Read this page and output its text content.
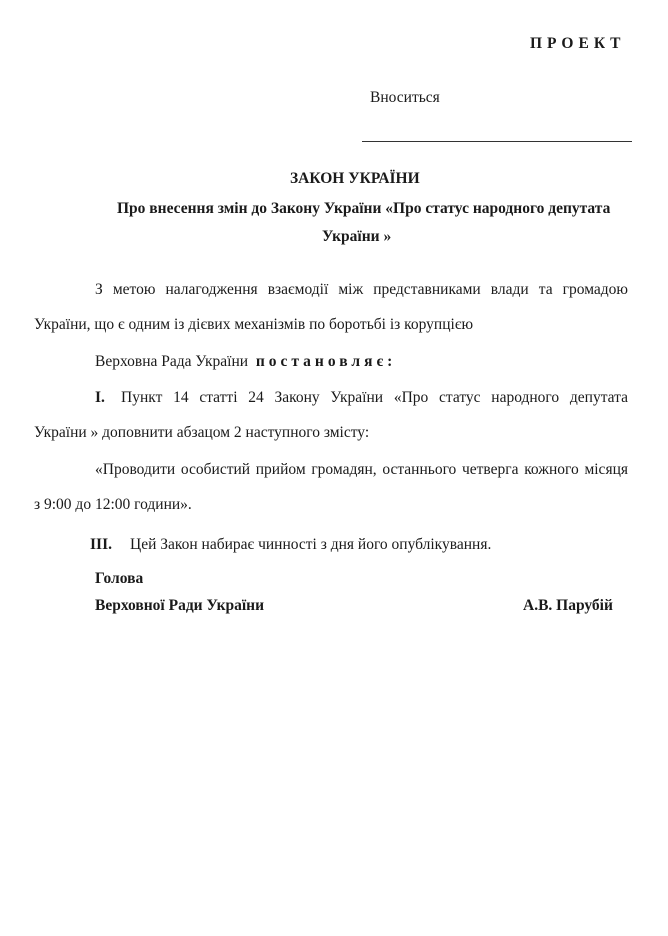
ПРОЕКТ
Вноситься
ЗАКОН УКРАЇНИ
Про внесення змін до Закону України «Про статус народного депутата
України »
З метою налагодження взаємодії між представниками влади та громадою
України, що є одним із дієвих механізмів по боротьбі із корупцією
Верховна Рада України постановляє:
I. Пункт 14 статті 24 Закону України «Про статус народного депутата
України » доповнити абзацом 2 наступного змісту:
«Проводити особистий прийом громадян, останнього четверга кожного місяця
з 9:00 до 12:00 години».
III. Цей Закон набирає чинності з дня його опублікування.
Голова
Верховної Ради України	А.В. Парубій
